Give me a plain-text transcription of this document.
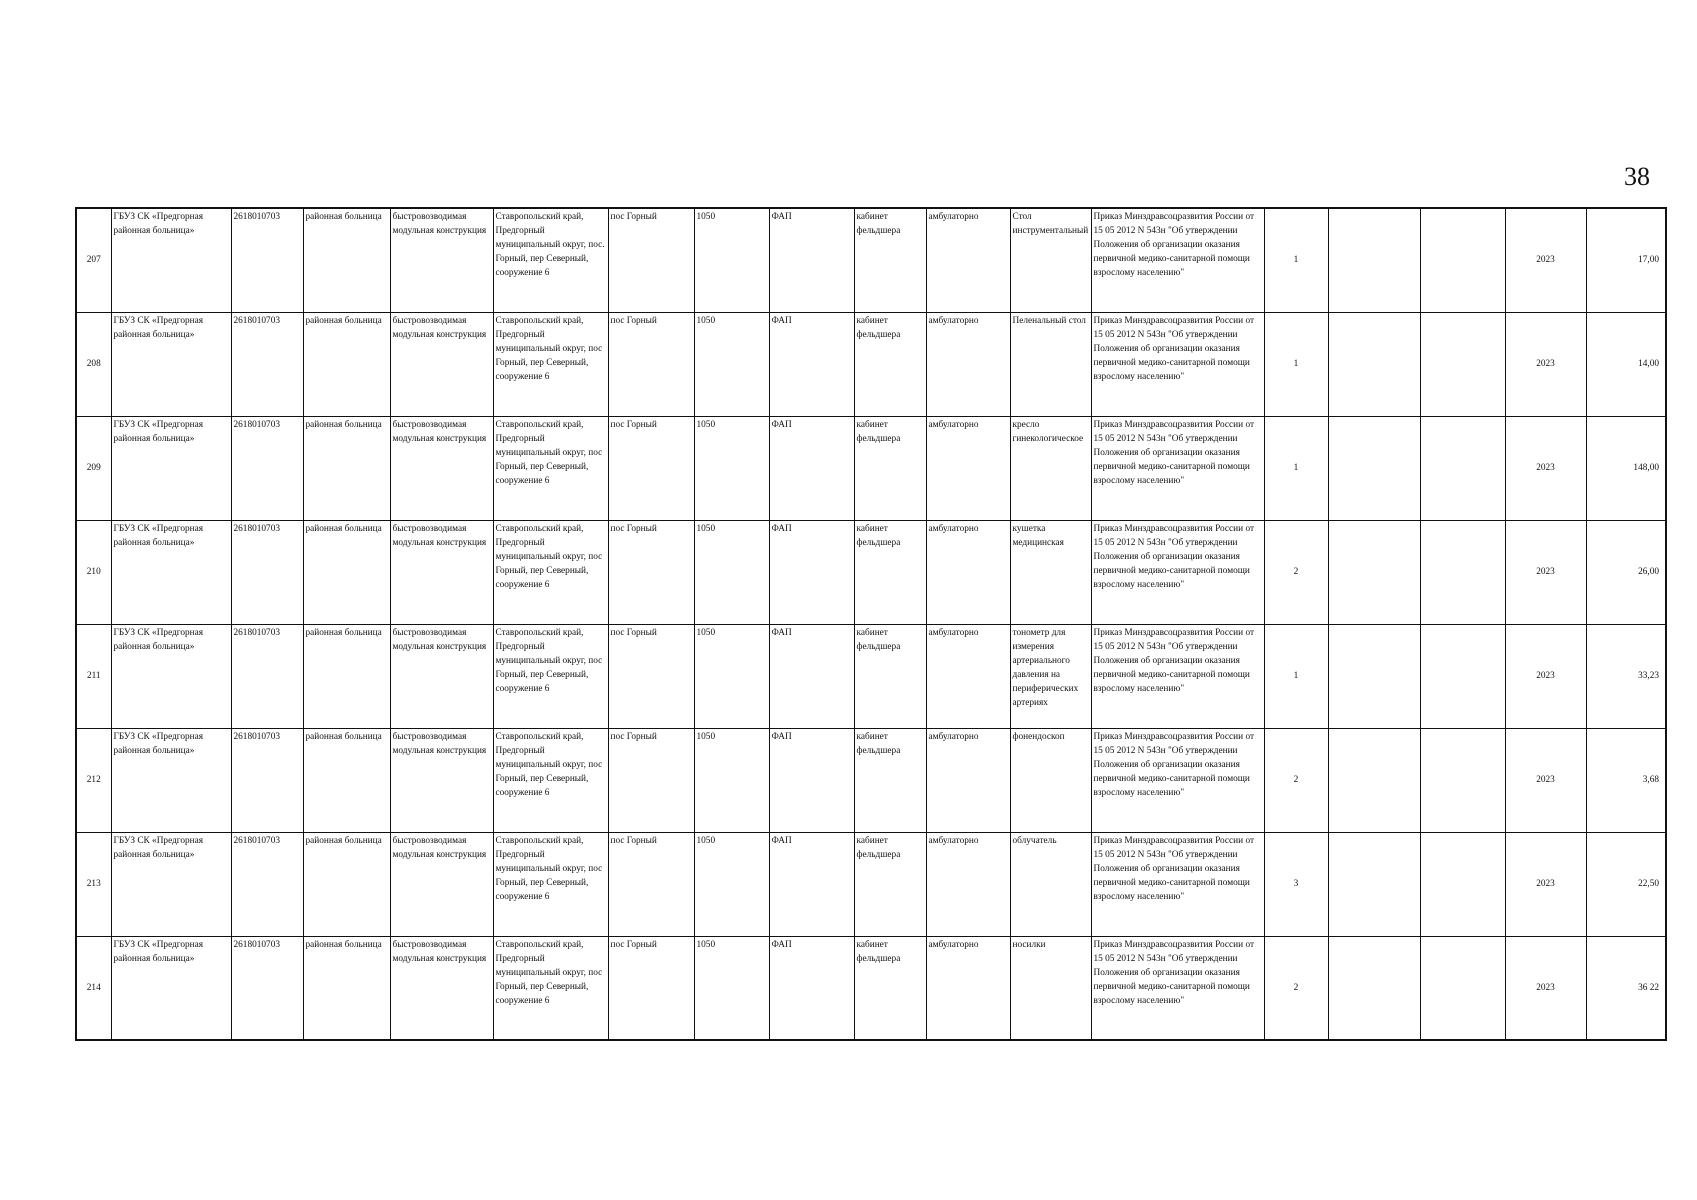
38
207	ГБУЗ СК «Предгорная районная больница»	2618010703	районная больница	быстровозводимая модульная конструкция	Ставропольский край, Предгорный муниципальный округ, пос. Горный, пер Северный, сооружение 6	пос Горный	1050	ФАП	кабинет фельдшера	амбулаторно	Стол инструментальный	Приказ Минздравсоцразвития России от 15 05 2012 N 543н "Об утверждении Положения об организации оказания первичной медико-санитарной помощи взрослому населению"	1			2023	17,00
208	ГБУЗ СК «Предгорная районная больница»	2618010703	районная больница	быстровозводимая модульная конструкция	Ставропольский край, Предгорный муниципальный округ, пос Горный, пер Северный, сооружение 6	пос Горный	1050	ФАП	кабинет фельдшера	амбулаторно	Пеленальный стол	Приказ Минздравсоцразвития России от 15 05 2012 N 543н "Об утверждении Положения об организации оказания первичной медико-санитарной помощи взрослому населению"	1			2023	14,00
209	ГБУЗ СК «Предгорная районная больница»	2618010703	районная больница	быстровозводимая модульная конструкция	Ставропольский край, Предгорный муниципальный округ, пос Горный, пер Северный, сооружение 6	пос Горный	1050	ФАП	кабинет фельдшера	амбулаторно	кресло гинекологическое	Приказ Минздравсоцразвития России от 15 05 2012 N 543н "Об утверждении Положения об организации оказания первичной медико-санитарной помощи взрослому населению"	1			2023	148,00
210	ГБУЗ СК «Предгорная районная больница»	2618010703	районная больница	быстровозводимая модульная конструкция	Ставропольский край, Предгорный муниципальный округ, пос Горный, пер Северный, сооружение 6	пос Горный	1050	ФАП	кабинет фельдшера	амбулаторно	кушетка медицинская	Приказ Минздравсоцразвития России от 15 05 2012 N 543н "Об утверждении Положения об организации оказания первичной медико-санитарной помощи взрослому населению"	2			2023	26,00
211	ГБУЗ СК «Предгорная районная больница»	2618010703	районная больница	быстровозводимая модульная конструкция	Ставропольский край, Предгорный муниципальный округ, пос Горный, пер Северный, сооружение 6	пос Горный	1050	ФАП	кабинет фельдшера	амбулаторно	тонометр для измерения артериального давления на периферических артериях	Приказ Минздравсоцразвития России от 15 05 2012 N 543н "Об утверждении Положения об организации оказания первичной медико-санитарной помощи взрослому населению"	1			2023	33,23
212	ГБУЗ СК «Предгорная районная больница»	2618010703	районная больница	быстровозводимая модульная конструкция	Ставропольский край, Предгорный муниципальный округ, пос Горный, пер Северный, сооружение 6	пос Горный	1050	ФАП	кабинет фельдшера	амбулаторно	фонендоскоп	Приказ Минздравсоцразвития России от 15 05 2012 N 543н "Об утверждении Положения об организации оказания первичной медико-санитарной помощи взрослому населению"	2			2023	3,68
213	ГБУЗ СК «Предгорная районная больница»	2618010703	районная больница	быстровозводимая модульная конструкция	Ставропольский край, Предгорный муниципальный округ, пос Горный, пер Северный, сооружение 6	пос Горный	1050	ФАП	кабинет фельдшера	амбулаторно	облучатель	Приказ Минздравсоцразвития России от 15 05 2012 N 543н "Об утверждении Положения об организации оказания первичной медико-санитарной помощи взрослому населению"	3			2023	22,50
214	ГБУЗ СК «Предгорная районная больница»	2618010703	районная больница	быстровозводимая модульная конструкция	Ставропольский край, Предгорный муниципальный округ, пос Горный, пер Северный, сооружение 6	пос Горный	1050	ФАП	кабинет фельдшера	амбулаторно	носилки	Приказ Минздравсоцразвития России от 15 05 2012 N 543н "Об утверждении Положения об организации оказания первичной медико-санитарной помощи взрослому населению"	2			2023	36 22
